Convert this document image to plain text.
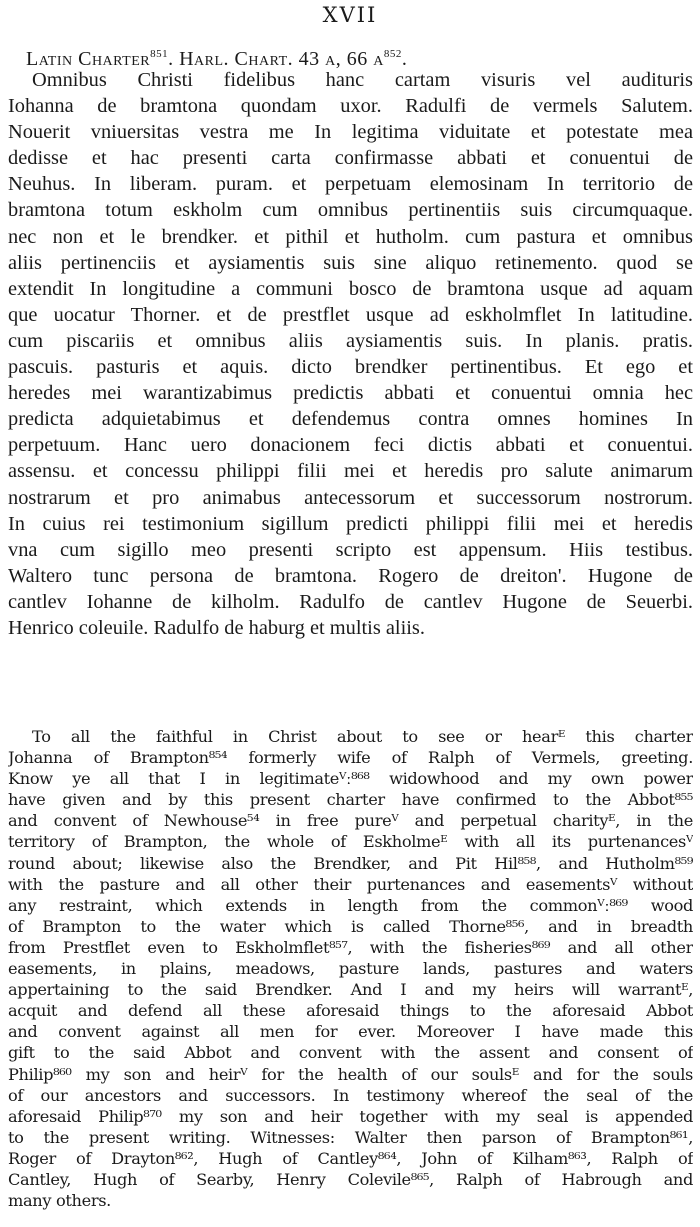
XVII
Latin Charter$^{851}$. Harl. Chart. 43 a, 66 $a^{852}$.
Omnibus Christi fidelibus hanc cartam visuris vel audituris
Iohanna de bramtona quondam uxor. Radulfi de vermels Salutem.
Nouerit vniuersitas vestra me In legitima viduitate et potestate mea
dedisse et hac presenti carta confirmasse abbati et conuentui de
Neuhus. In liberam. puram. et perpetuam elemosinam In territorio de
bramtona totum eskholm cum omnibus pertinentiis suis circumquaque.
nec non et le brendker. et pithil et hutholm. cum pastura et omnibus
aliis pertinenciis et aysiamentis suis sine aliquo retinemento. quod se
extendit In longitudine a communi bosco de bramtona usque ad aquam
que uocatur Thorner. et de prestflet usque ad eskholmflet In latitudine.
cum piscariis et omnibus aliis aysiamentis suis. In planis. pratis.
pascuis. pasturis et aquis. dicto brendker pertinentibus. Et ego et
heredes mei warantizabimus predictis abbati et conuentui omnia hec
predicta adquietabimus et defendemus contra omnes homines In
perpetuum. Hanc uero donacionem feci dictis abbati et conuentui.
assensu. et concessu philippi filii mei et heredis pro salute animarum
nostrarum et pro animabus antecessorum et successorum nostrorum.
In cuius rei testimonium sigillum predicti philippi filii mei et heredis
vna cum sigillo meo presenti scripto est appensum. Hiis testibus.
Waltero tunc persona de bramtona. Rogero de dreiton'. Hugone de
cantleᴠ Iohanne de kilholm. Radulfo de cantleᴠ Hugone de Seuerbi.
Henrico coleuile. Radulfo de haburg et multis aliis.
To all the faithful in Christ about to see or hearᴱ this charter
Johanna of Brampton⁸⁵⁴ formerly wife of Ralph of Vermels, greeting.
Know ye all that I in legitimateⱽː⁸⁶⁸ widowhood and my own power
have given and by this present charter have confirmed to the Abbot⁸⁵⁵
and convent of Newhouse⁵⁴ in free pureⱽ and perpetual charityᴱ, in the
territory of Brampton, the whole of Eskholmeᴱ with all its purtenancesⱽ
round about; likewise also the Brendker, and Pit Hil⁸⁵⁸, and Hutholm⁸⁵⁹
with the pasture and all other their purtenances and easementsⱽ without
any restraint, which extends in length from the commonⱽː⁸⁶⁹ wood
of Brampton to the water which is called Thorne⁸⁵⁶, and in breadth
from Prestflet even to Eskholmflet⁸⁵⁷, with the fisheries⁸⁶⁹ and all other
easements, in plains, meadows, pasture lands, pastures and waters
appertaining to the said Brendker. And I and my heirs will warrantᴱ,
acquit and defend all these aforesaid things to the aforesaid Abbot
and convent against all men for ever. Moreover I have made this
gift to the said Abbot and convent with the assent and consent of
Philip⁸⁶⁰ my son and heirⱽ for the health of our soulsᴱ and for the souls
of our ancestors and successors. In testimony whereof the seal of the
aforesaid Philip⁸⁷⁰ my son and heir together with my seal is appended
to the present writing. Witnesses: Walter then parson of Brampton⁸⁶¹,
Roger of Drayton⁸⁶², Hugh of Cantley⁸⁶⁴, John of Kilham⁸⁶³, Ralph of
Cantley, Hugh of Searby, Henry Colevile⁸⁶⁵, Ralph of Habrough and
many others.
